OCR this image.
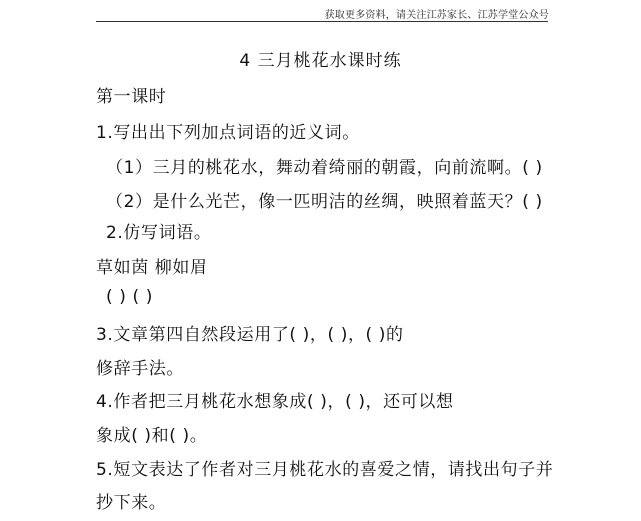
获取更多资料，请关注江苏家长、江苏学堂公众号
4 三月桃花水课时练
第一课时
1.写出出下列加点词语的近义词。
（1）三月的桃花水，舞动着绮丽的朝霞，向前流啊。( )
（2）是什么光芒，像一匹明洁的丝绸，映照着蓝天？( )
2.仿写词语。
草如茵 柳如眉
( ) ( )
3.文章第四自然段运用了( )，( )，( )的
修辞手法。
4.作者把三月桃花水想象成( )，( )，还可以想
象成( )和( )。
5.短文表达了作者对三月桃花水的喜爱之情，请找出句子并
抄下来。
